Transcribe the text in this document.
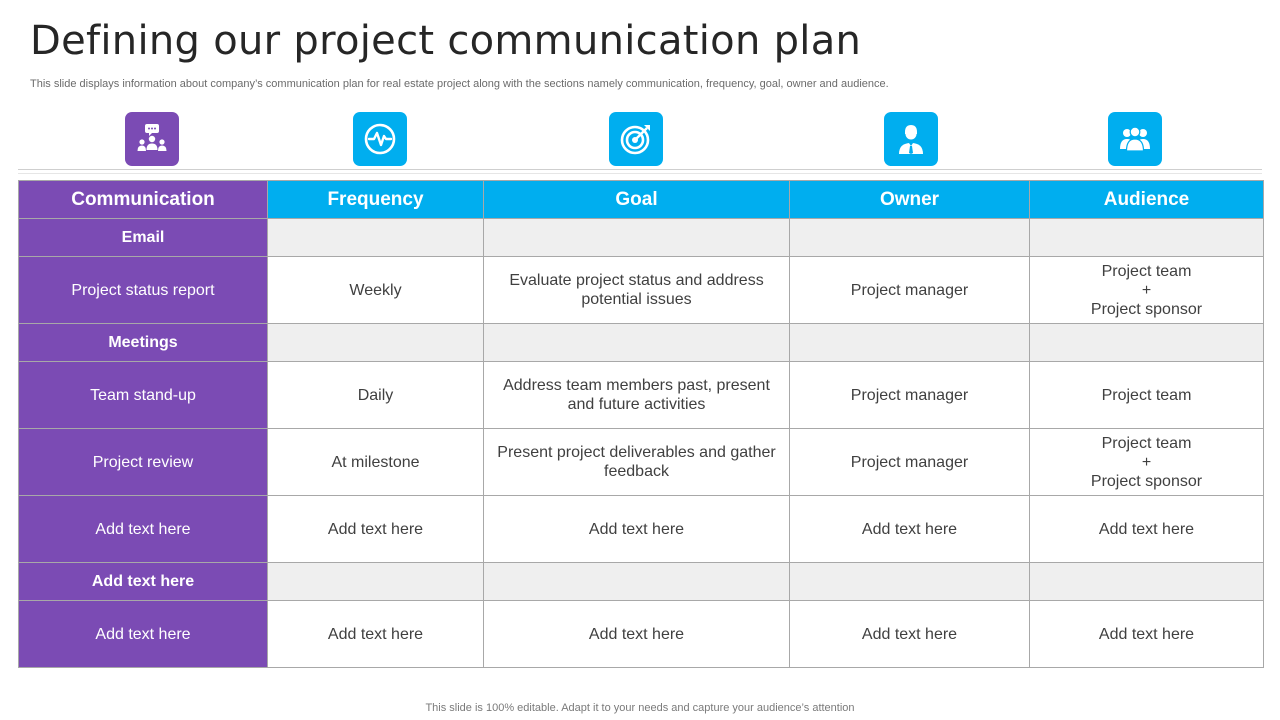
Defining our project communication plan

This slide displays information about company’s communication plan for real estate project along with the sections namely communication, frequency, goal, owner and audience.

Communication	Frequency	Goal	Owner	Audience
Email				
Project status report	Weekly	Evaluate project status and address
potential issues	Project manager	Project team
+
Project sponsor
Meetings				
Team stand-up	Daily	Address team members past, present
and future activities	Project manager	Project team
Project review	At milestone	Present project deliverables and gather
feedback	Project manager	Project team
+
Project sponsor
Add text here	Add text here	Add text here	Add text here	Add text here
Add text here				
Add text here	Add text here	Add text here	Add text here	Add text here
This slide is 100% editable. Adapt it to your needs and capture your audience’s attention
